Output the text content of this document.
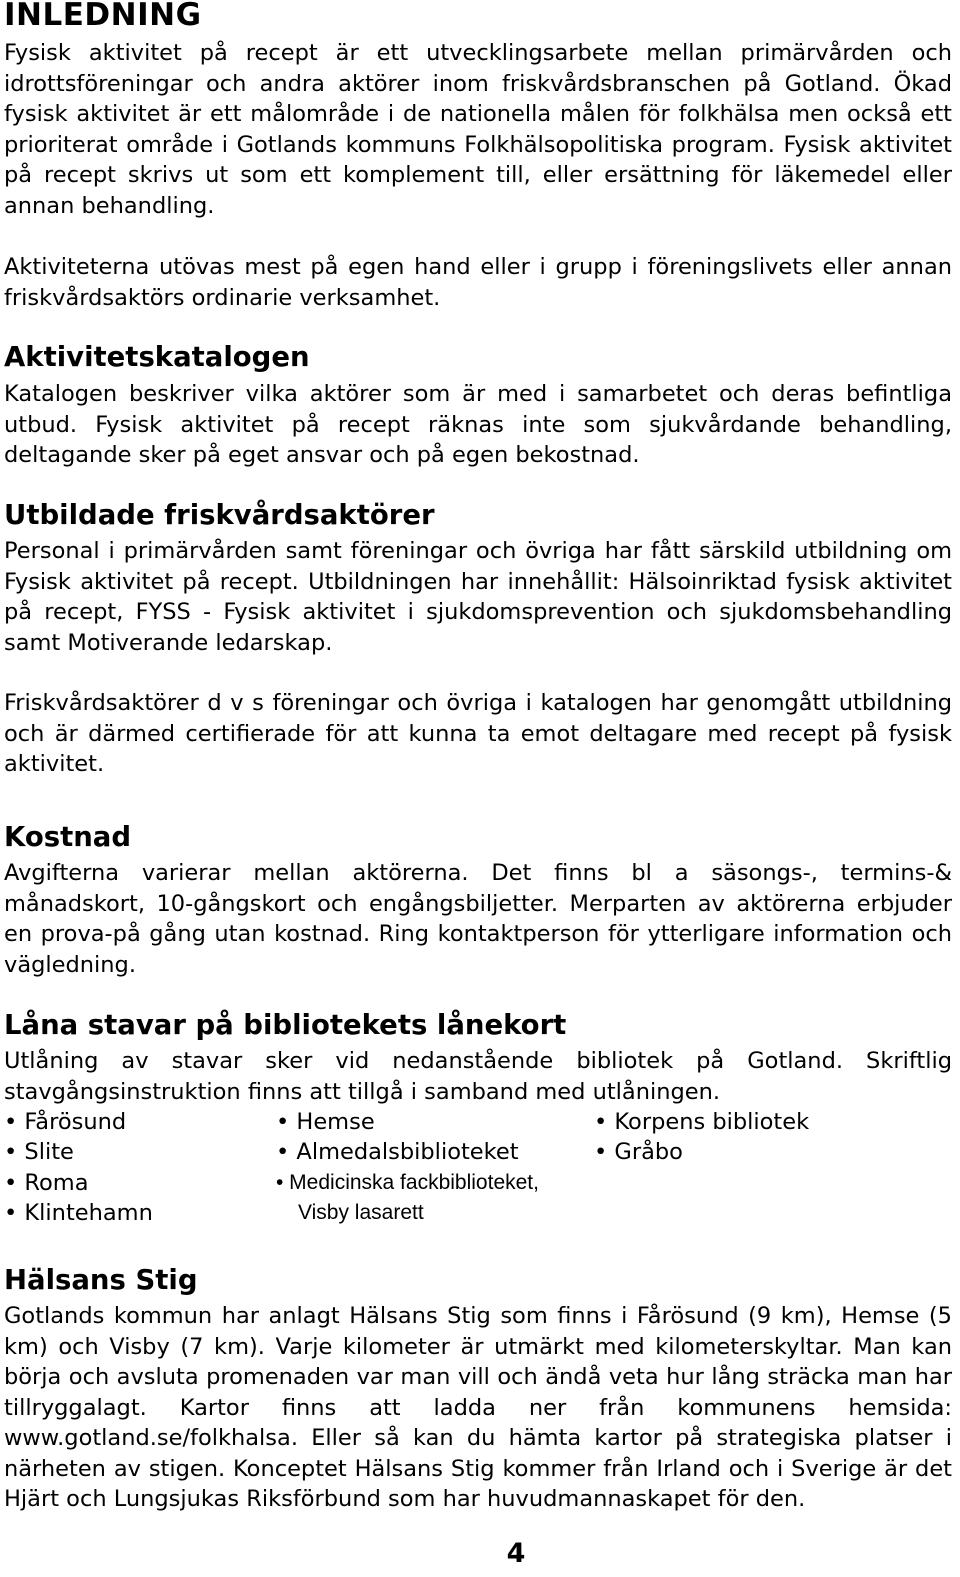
INLEDNING
Fysisk aktivitet på recept är ett utvecklingsarbete mellan primärvården och idrottsföreningar och andra aktörer inom friskvårdsbranschen på Gotland. Ökad fysisk aktivitet är ett målområde i de nationella målen för folkhälsa men också ett prioriterat område i Gotlands kommuns Folkhälsopolitiska program. Fysisk aktivitet på recept skrivs ut som ett komplement till, eller ersättning för läkemedel eller annan behandling.
Aktiviteterna utövas mest på egen hand eller i grupp i föreningslivets eller annan friskvårdsaktörs ordinarie verksamhet.
Aktivitetskatalogen
Katalogen beskriver vilka aktörer som är med i samarbetet och deras befintliga utbud. Fysisk aktivitet på recept räknas inte som sjukvårdande behandling, deltagande sker på eget ansvar och på egen bekostnad.
Utbildade friskvårdsaktörer
Personal i primärvården samt föreningar och övriga har fått särskild utbildning om Fysisk aktivitet på recept. Utbildningen har innehållit: Hälsoinriktad fysisk aktivitet på recept, FYSS - Fysisk aktivitet i sjukdomsprevention och sjukdomsbehandling samt Motiverande ledarskap.
Friskvårdsaktörer d v s föreningar och övriga i katalogen har genomgått utbildning och är därmed certifierade för att kunna ta emot deltagare med recept på fysisk aktivitet.
Kostnad
Avgifterna varierar mellan aktörerna. Det finns bl a säsongs-, termins-& månadskort, 10-gångskort och engångsbiljetter. Merparten av aktörerna erbjuder en prova-på gång utan kostnad. Ring kontaktperson för ytterligare information och vägledning.
Låna stavar på bibliotekets lånekort
Utlåning av stavar sker vid nedanstående bibliotek på Gotland. Skriftlig stavgångsinstruktion finns att tillgå i samband med utlåningen.
• Fårösund
• Slite
• Roma
• Klintehamn
• Hemse
• Almedalsbiblioteket
• Medicinska fackbiblioteket,
Visby lasarett
• Korpens bibliotek
• Gråbo
Hälsans Stig
Gotlands kommun har anlagt Hälsans Stig som finns i Fårösund (9 km), Hemse (5 km) och Visby (7 km). Varje kilometer är utmärkt med kilometerskyltar. Man kan börja och avsluta promenaden var man vill och ändå veta hur lång sträcka man har tillryggalagt. Kartor finns att ladda ner från kommunens hemsida: www.gotland.se/folkhalsa. Eller så kan du hämta kartor på strategiska platser i närheten av stigen. Konceptet Hälsans Stig kommer från Irland och i Sverige är det Hjärt och Lungsjukas Riksförbund som har huvudmannaskapet för den.
4
